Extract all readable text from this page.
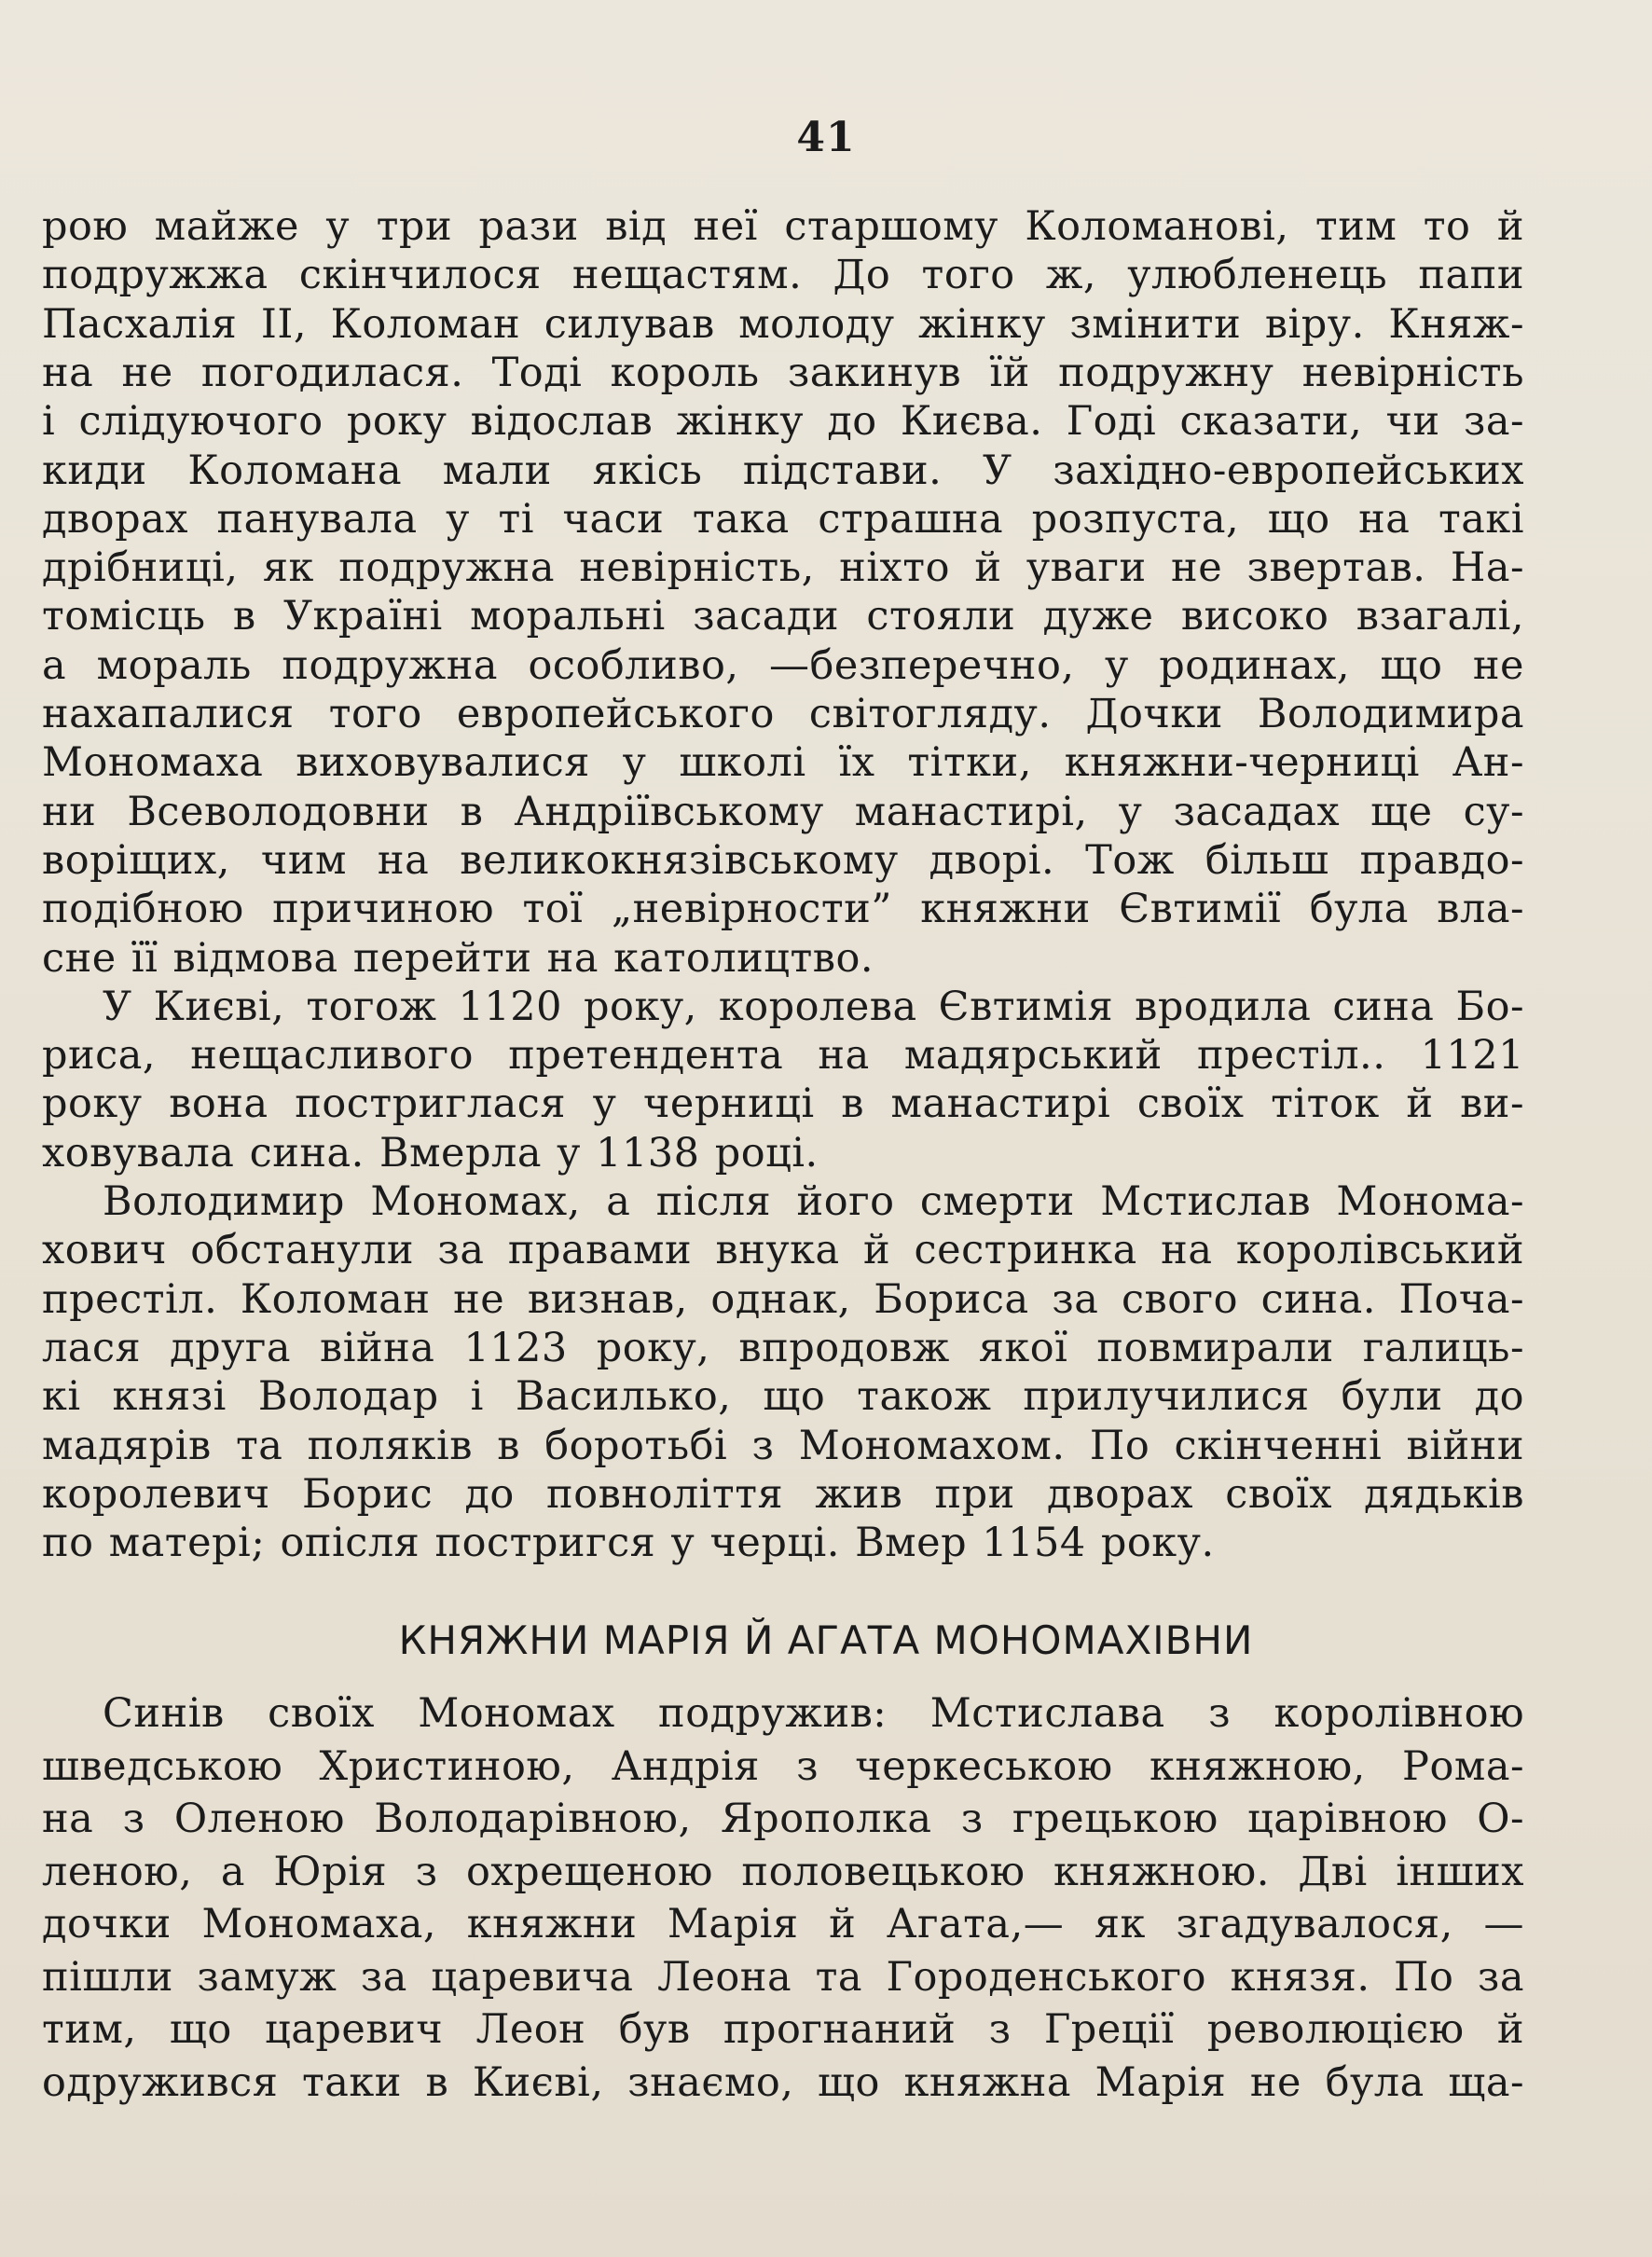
41
рою майже у три рази від неї старшому Коломанові, тим то й
подружжа скінчилося нещастям. До того ж, улюбленець папи
Пасхалія II, Коломан силував молоду жінку змінити віру. Княж-
на не погодилася. Тоді король закинув їй подружну невірність
і слідуючого року відослав жінку до Києва. Годі сказати, чи за-
киди Коломана мали якісь підстави. У західно-европейських
дворах панувала у ті часи така страшна розпуста, що на такі
дрібниці, як подружна невірність, ніхто й уваги не звертав. На-
томісць в Україні моральні засади стояли дуже високо взагалі,
а мораль подружна особливо, —безперечно, у родинах, що не
нахапалися того европейського світогляду. Дочки Володимира
Мономаха виховувалися у школі їх тітки, княжни-черниці Ан-
ни Всеволодовни в Андріївському манастирі, у засадах ще су-
воріщих, чим на великокнязівському дворі. Тож більш правдо-
подібною причиною тої „невірности” княжни Євтимії була вла-
сне її відмова перейти на католицтво.
У Києві, тогож 1120 року, королева Євтимія вродила сина Бо-
риса, нещасливого претендента на мадярський престіл.. 1121
року вона постриглася у черниці в манастирі своїх тіток й ви-
ховувала сина. Вмерла у 1138 році.
Володимир Мономах, а після його смерти Мстислав Монома-
хович обстанули за правами внука й сестринка на королівський
престіл. Коломан не визнав, однак, Бориса за свого сина. Поча-
лася друга війна 1123 року, впродовж якої повмирали галиць-
кі князі Володар і Василько, що також прилучилися були до
мадярів та поляків в боротьбі з Мономахом. По скінченні війни
королевич Борис до повноліття жив при дворах своїх дядьків
по матері; опісля постригся у черці. Вмер 1154 року.
Синів своїх Мономах подружив: Мстислава з королівною
шведською Христиною, Андрія з черкеською княжною, Рома-
на з Оленою Володарівною, Ярополка з грецькою царівною О-
леною, а Юрія з охрещеною половецькою княжною. Дві інших
дочки Мономаха, княжни Марія й Агата,— як згадувалося, —
пішли замуж за царевича Леона та Городенського князя. По за
тим, що царевич Леон був прогнаний з Греції революцією й
одружився таки в Києві, знаємо, що княжна Марія не була ща-
КНЯЖНИ МАРІЯ Й АГАТА МОНОМАХІВНИ
